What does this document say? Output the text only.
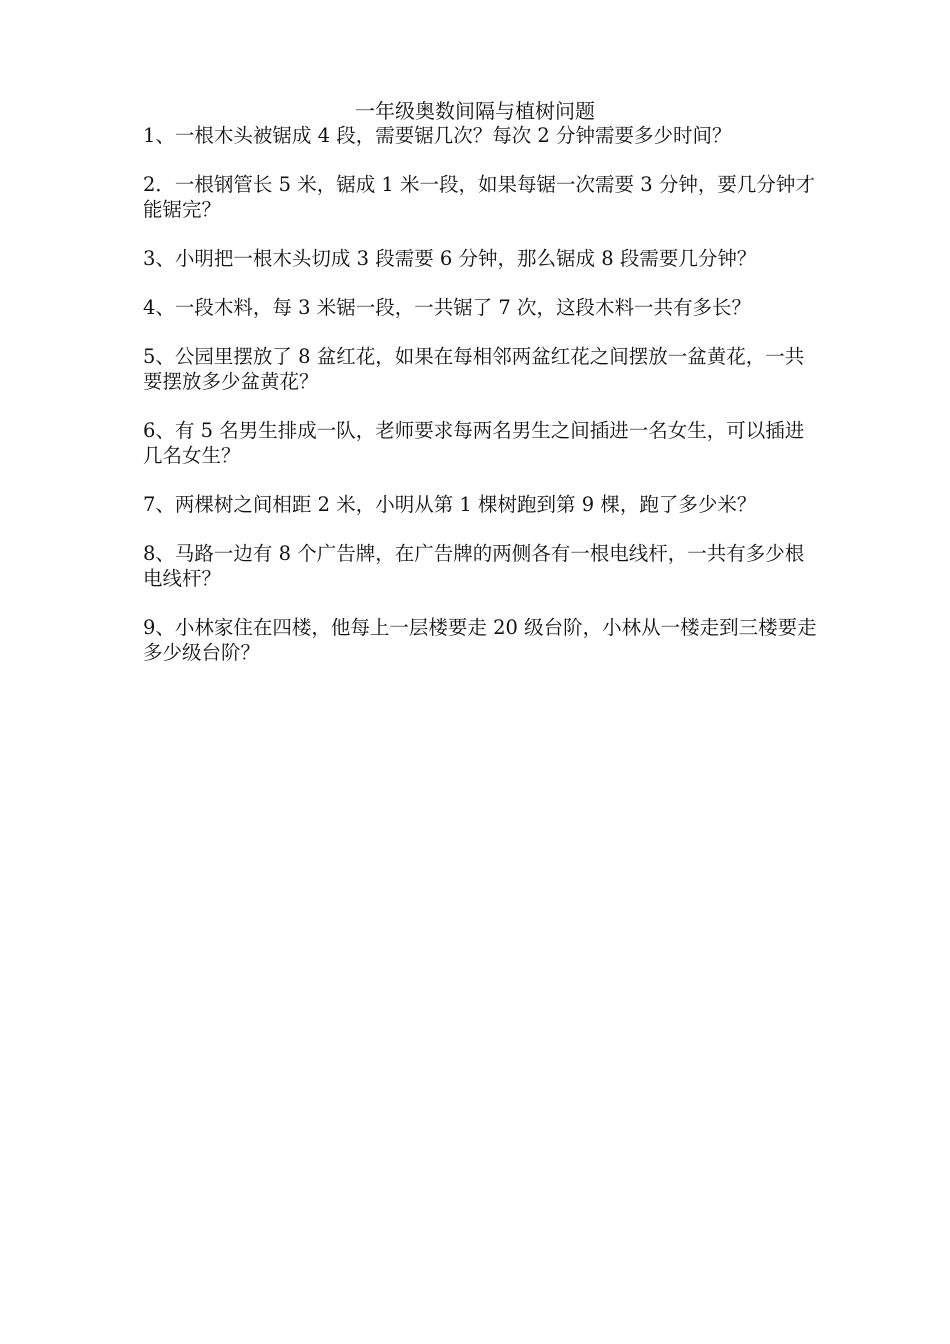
一年级奥数间隔与植树问题
1、一根木头被锯成 4 段，需要锯几次？每次 2 分钟需要多少时间？
2．一根钢管长 5 米，锯成 1 米一段，如果每锯一次需要 3 分钟，要几分钟才能锯完？
3、小明把一根木头切成 3 段需要 6 分钟，那么锯成 8 段需要几分钟？
4、一段木料，每 3 米锯一段，一共锯了 7 次，这段木料一共有多长？
5、公园里摆放了 8 盆红花，如果在每相邻两盆红花之间摆放一盆黄花，一共要摆放多少盆黄花？
6、有 5 名男生排成一队，老师要求每两名男生之间插进一名女生，可以插进几名女生？
7、两棵树之间相距 2 米，小明从第 1 棵树跑到第 9 棵，跑了多少米？
8、马路一边有 8 个广告牌，在广告牌的两侧各有一根电线杆，一共有多少根电线杆？
9、小林家住在四楼，他每上一层楼要走 20 级台阶，小林从一楼走到三楼要走多少级台阶？
